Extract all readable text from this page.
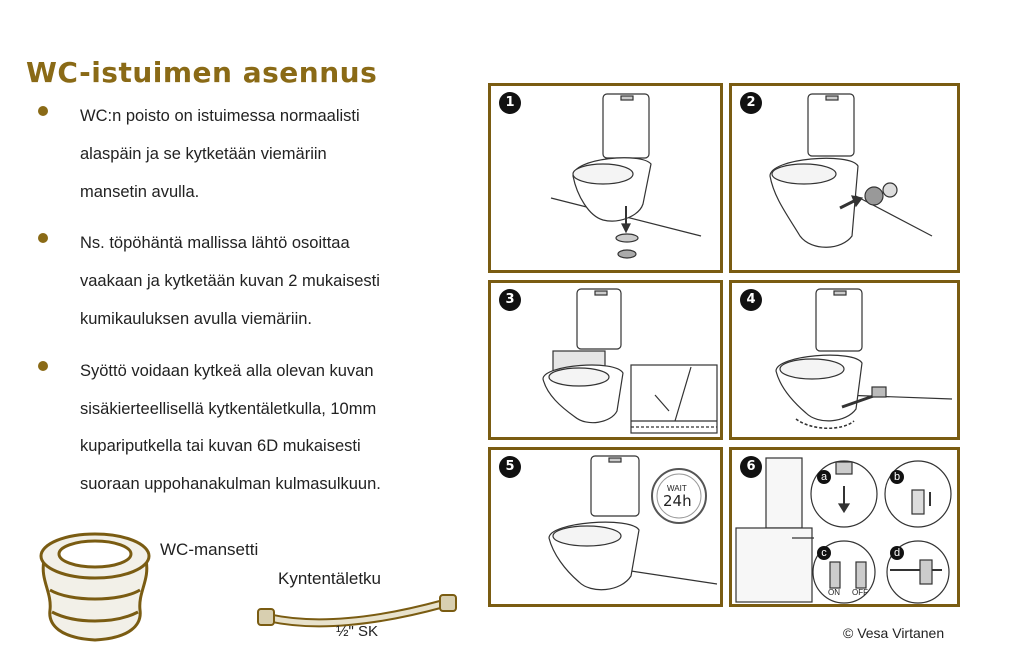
WC-istuimen asennus
WC:n poisto on istuimessa normaalisti
alaspäin ja se kytketään viemäriin
mansetin avulla.
Ns. töpöhäntä mallissa lähtö osoittaa
vaakaan ja kytketään kuvan 2 mukaisesti
kumikauluksen avulla viemäriin.
Syöttö voidaan kytkeä alla olevan kuvan
sisäkierteellisellä kytkentäletkulla, 10mm
kupariputkella tai kuvan 6D mukaisesti
suoraan uppohanakulman kulmasulkuun.
WC-mansetti
Kyntentäletku
½" SK
1	2
3	4
WAIT
24h
5
a	b
c	d
ON OFF
6
© Vesa Virtanen
